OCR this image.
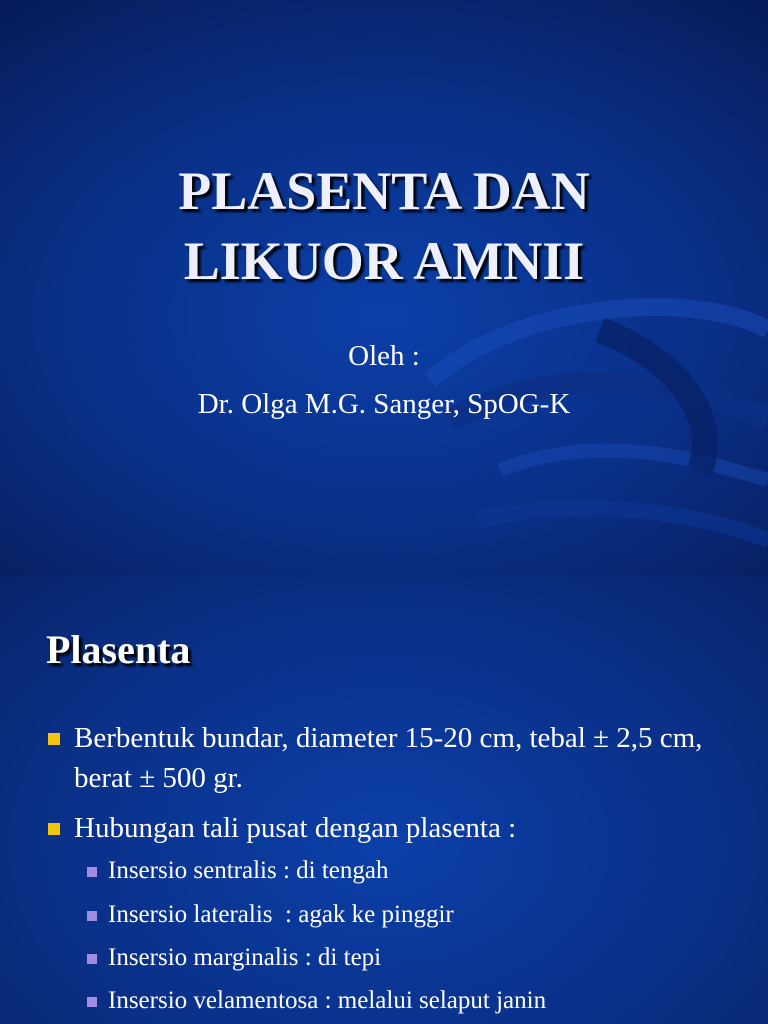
PLASENTA DAN
LIKUOR AMNII
Oleh :
Dr. Olga M.G. Sanger, SpOG-K
Plasenta
Berbentuk bundar, diameter 15-20 cm, tebal ± 2,5 cm, berat ± 500 gr.
Hubungan tali pusat dengan plasenta :
Insersio sentralis : di tengah
Insersio lateralis  : agak ke pinggir
Insersio marginalis : di tepi
Insersio velamentosa : melalui selaput janin
